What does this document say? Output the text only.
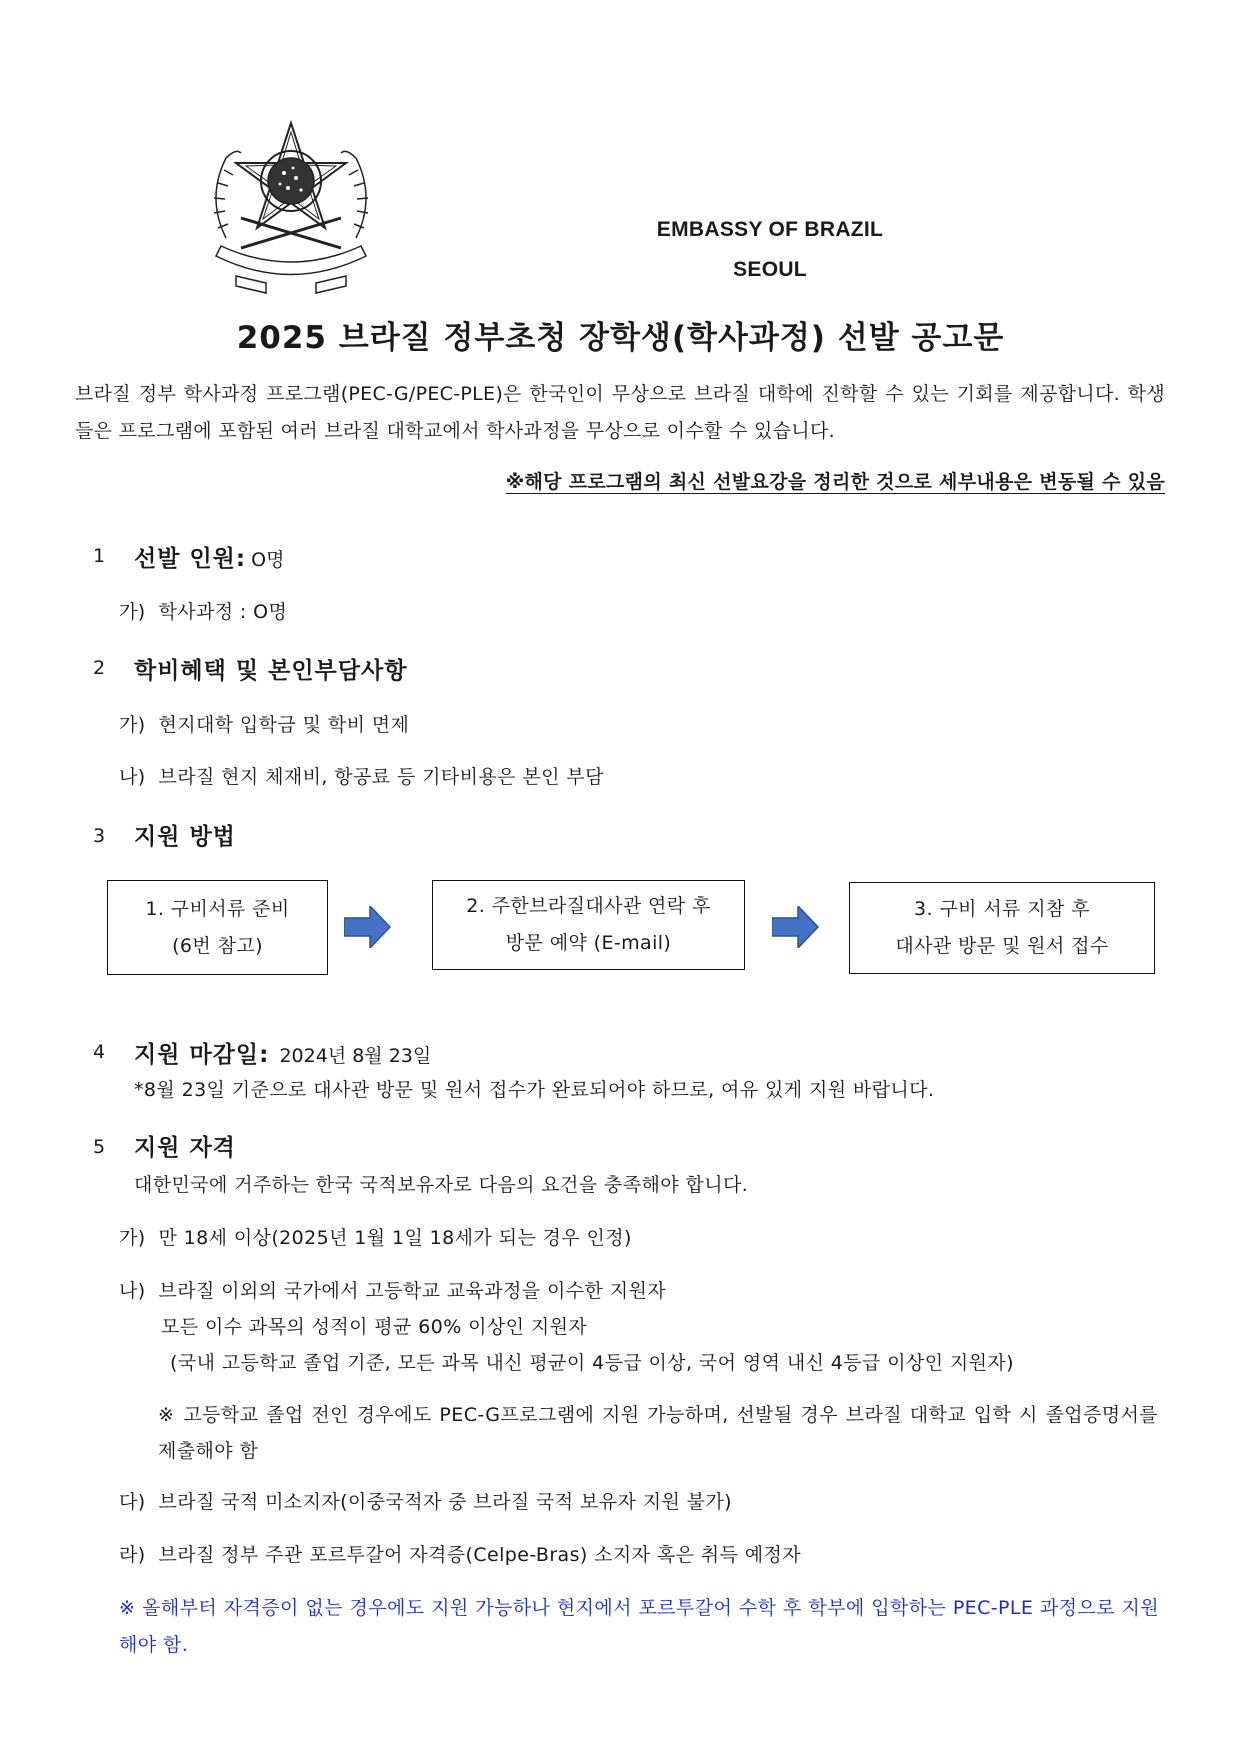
EMBASSY OF BRAZIL
SEOUL
2025 브라질 정부초청 장학생(학사과정) 선발 공고문
브라질 정부 학사과정 프로그램(PEC-G/PEC-PLE)은 한국인이 무상으로 브라질 대학에 진학할 수 있는 기회를 제공합니다. 학생들은 프로그램에 포함된 여러 브라질 대학교에서 학사과정을 무상으로 이수할 수 있습니다.
※해당 프로그램의 최신 선발요강을 정리한 것으로 세부내용은 변동될 수 있음
1 선발 인원: O명
가) 학사과정 : O명
2 학비혜택 및 본인부담사항
가) 현지대학 입학금 및 학비 면제
나) 브라질 현지 체재비, 항공료 등 기타비용은 본인 부담
3 지원 방법
1. 구비서류 준비
(6번 참고)
2. 주한브라질대사관 연락 후
방문 예약 (E-mail)
3. 구비 서류 지참 후
대사관 방문 및 원서 접수
4 지원 마감일: 2024년 8월 23일
*8월 23일 기준으로 대사관 방문 및 원서 접수가 완료되어야 하므로, 여유 있게 지원 바랍니다.
5 지원 자격
대한민국에 거주하는 한국 국적보유자로 다음의 요건을 충족해야 합니다.
가) 만 18세 이상(2025년 1월 1일 18세가 되는 경우 인정)
나) 브라질 이외의 국가에서 고등학교 교육과정을 이수한 지원자
모든 이수 과목의 성적이 평균 60% 이상인 지원자
(국내 고등학교 졸업 기준, 모든 과목 내신 평균이 4등급 이상, 국어 영역 내신 4등급 이상인 지원자)
※ 고등학교 졸업 전인 경우에도 PEC-G프로그램에 지원 가능하며, 선발될 경우 브라질 대학교 입학 시 졸업증명서를 제출해야 함
다) 브라질 국적 미소지자(이중국적자 중 브라질 국적 보유자 지원 불가)
라) 브라질 정부 주관 포르투갈어 자격증(Celpe-Bras) 소지자 혹은 취득 예정자
※ 올해부터 자격증이 없는 경우에도 지원 가능하나 현지에서 포르투갈어 수학 후 학부에 입학하는 PEC-PLE 과정으로 지원해야 함.
